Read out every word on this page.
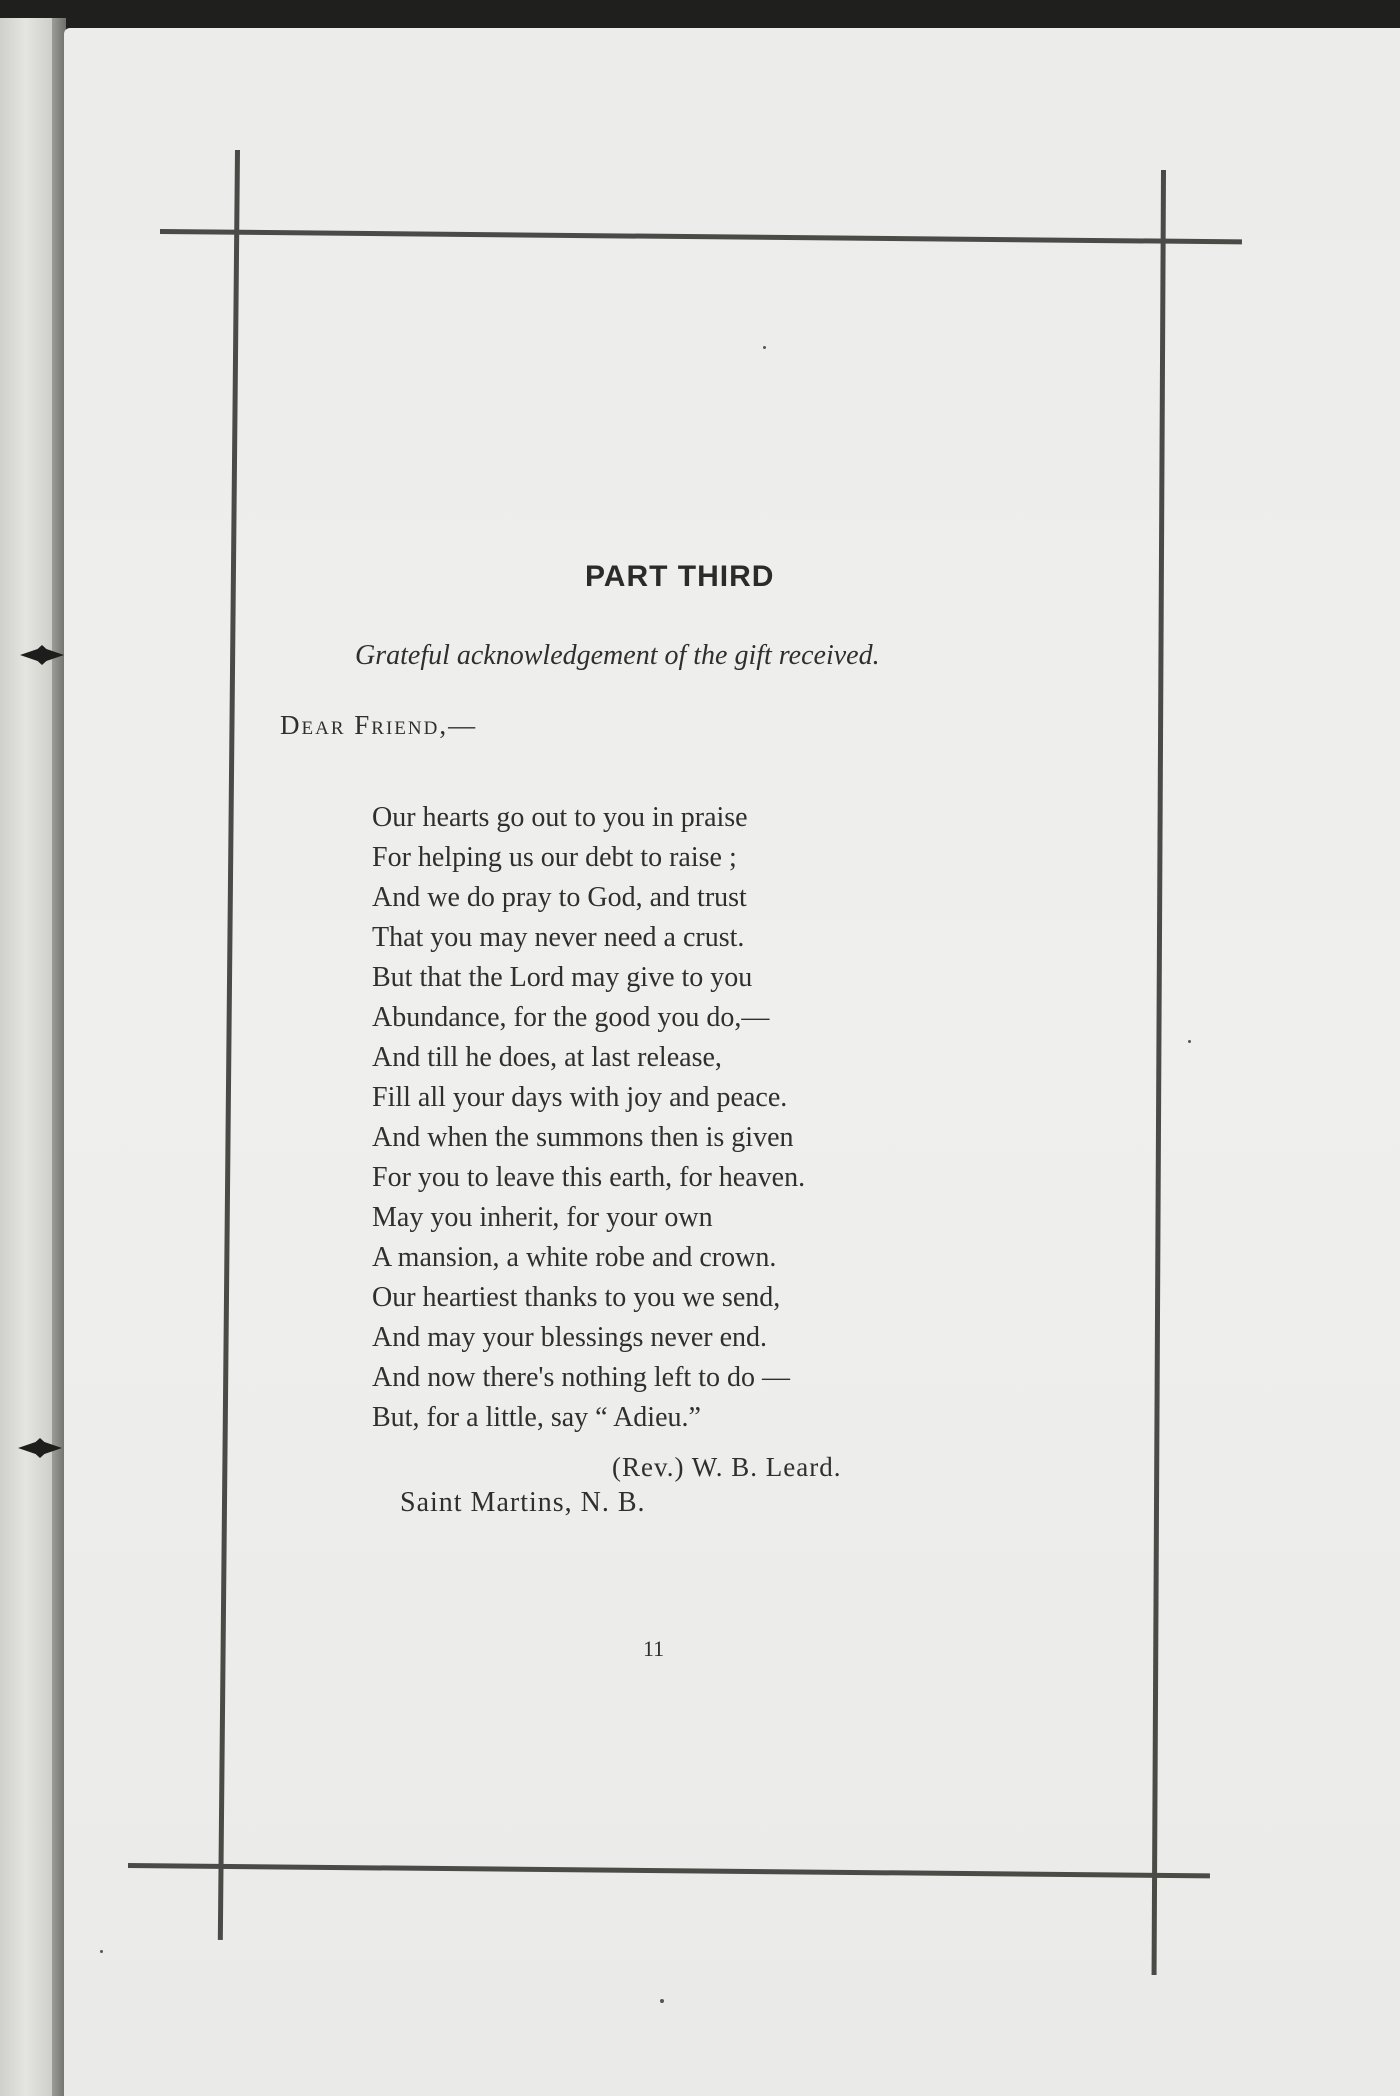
PART THIRD
Grateful acknowledgement of the gift received.
Dear Friend,—
Our hearts go out to you in praise
For helping us our debt to raise ;
And we do pray to God, and trust
That you may never need a crust.
But that the Lord may give to you
Abundance, for the good you do,—
And till he does, at last release,
Fill all your days with joy and peace.
And when the summons then is given
For you to leave this earth, for heaven.
May you inherit, for your own
A mansion, a white robe and crown.
Our heartiest thanks to you we send,
And may your blessings never end.
And now there's nothing left to do —
But, for a little, say “ Adieu.”
(Rev.) W. B. Leard.
Saint Martins, N. B.
11
